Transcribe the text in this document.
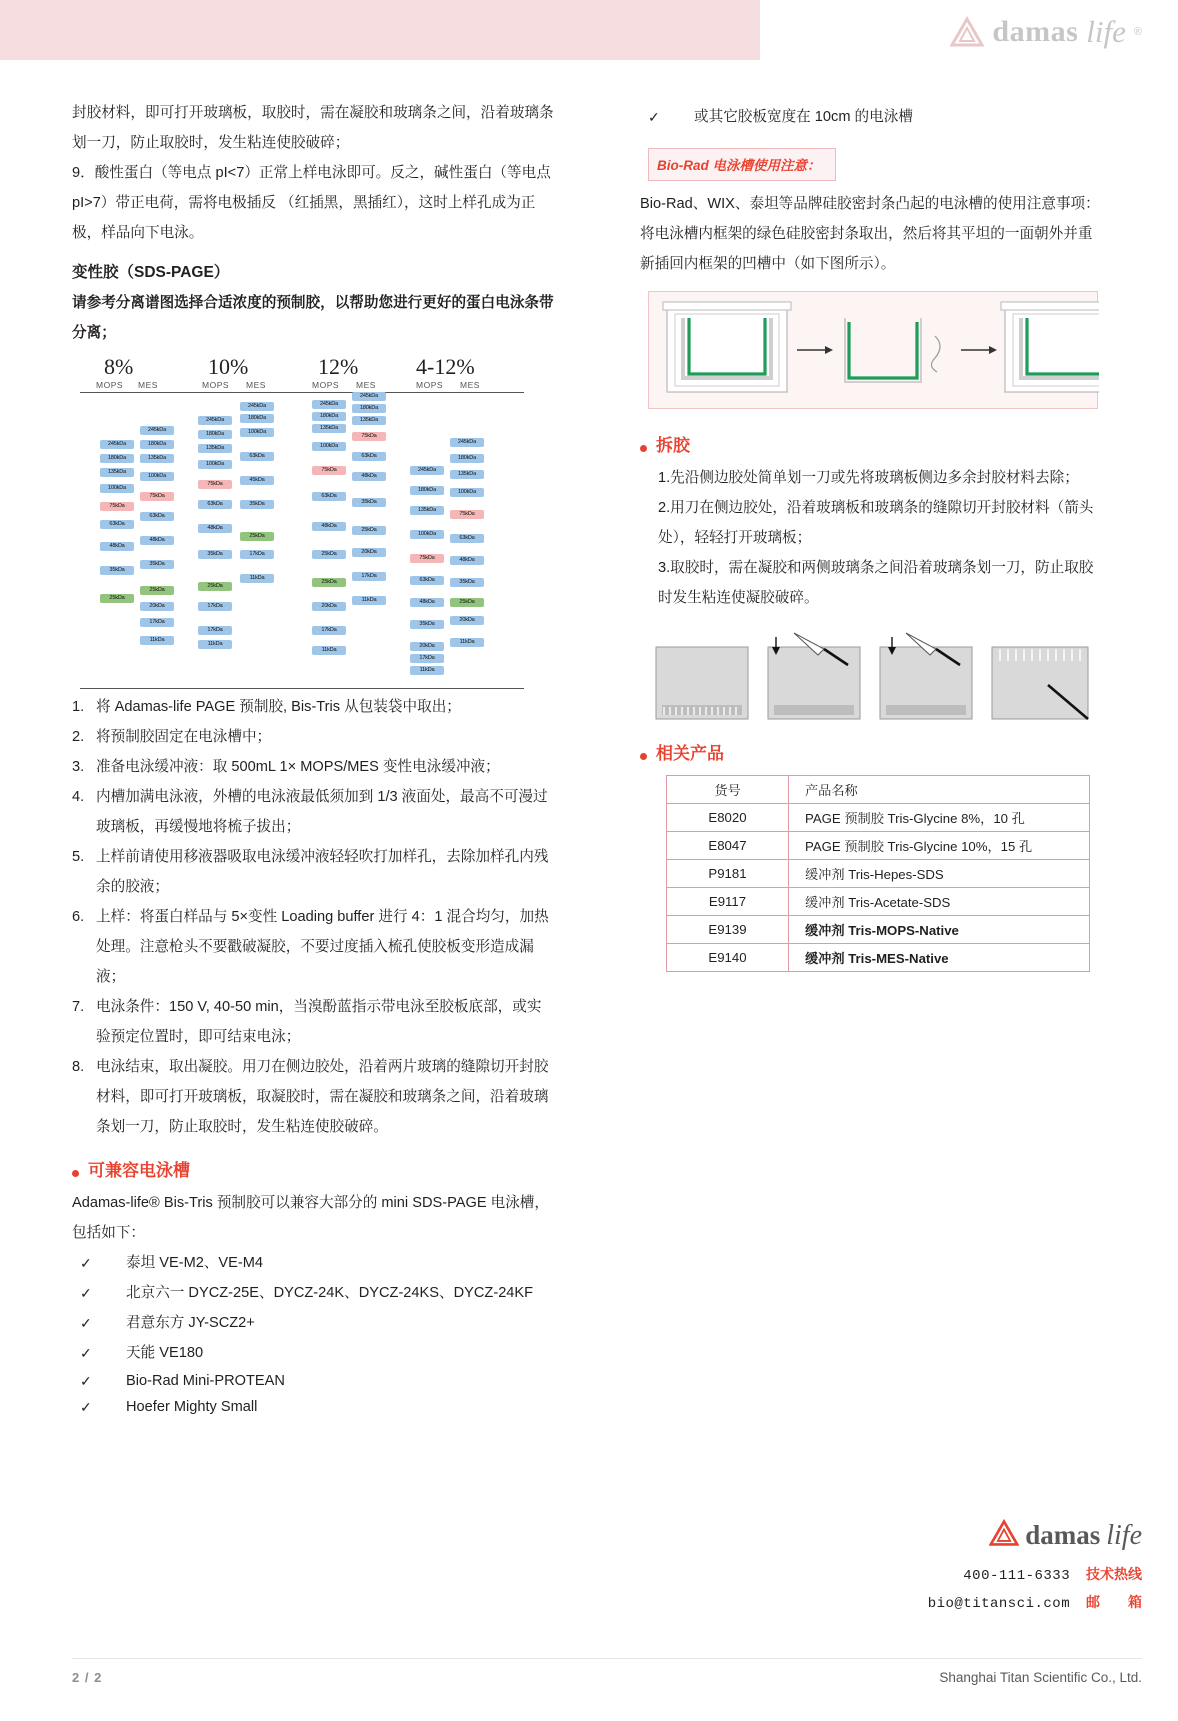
damas life ®

封胶材料，即可打开玻璃板，取胶时，需在凝胶和玻璃条之间，沿着玻璃条划一刀，防止取胶时，发生粘连使胶破碎；

9．酸性蛋白（等电点 pI<7）正常上样电泳即可。反之，碱性蛋白（等电点 pI>7）带正电荷，需将电极插反 （红插黑，黑插红），这时上样孔成为正极，样品向下电泳。

变性胶（SDS-PAGE）
请参考分离谱图选择合适浓度的预制胶，以帮助您进行更好的蛋白电泳条带分离；
8%	10%	12%	4-12%
MOPS MES	MOPS MES	MOPS MES	MOPS MES
245kDa
180kDa
135kDa
100kDa
75kDa
63kDa
48kDa
35kDa
25kDa
245kDa
180kDa
135kDa
100kDa
75kDa
63kDa
48kDa
35kDa
25kDa
20kDa
17kDa
11kDa
245kDa
180kDa
135kDa
100kDa
75kDa
63kDa
48kDa
35kDa
25kDa
17kDa
17kDa
11kDa
245kDa
180kDa
100kDa
63kDa
45kDa
35kDa
25kDa
17kDa
11kDa
245kDa
180kDa
135kDa
100kDa
75kDa
63kDa
48kDa
25kDa
25kDa
20kDa
17kDa
11kDa
245kDa
180kDa
135kDa
75kDa
63kDa
48kDa
35kDa
25kDa
20kDa
17kDa
11kDa
245kDa
180kDa
135kDa
100kDa
75kDa
63kDa
48kDa
35kDa
20kDa
17kDa
11kDa
245kDa
180kDa
135kDa
100kDa
75kDa
63kDa
48kDa
35kDa
25kDa
20kDa
11kDa
1. 将 Adamas-life PAGE 预制胶, Bis-Tris 从包装袋中取出；
2. 将预制胶固定在电泳槽中；
3. 准备电泳缓冲液：取 500mL 1× MOPS/MES 变性电泳缓冲液；
4. 内槽加满电泳液，外槽的电泳液最低须加到 1/3 液面处，最高不可漫过玻璃板，再缓慢地将梳子拔出；
5. 上样前请使用移液器吸取电泳缓冲液轻轻吹打加样孔，去除加样孔内残余的胶液；
6. 上样：将蛋白样品与 5×变性 Loading buffer 进行 4：1 混合均匀，加热处理。注意枪头不要戳破凝胶，不要过度插入梳孔使胶板变形造成漏液；
7. 电泳条件：150 V, 40-50 min，当溴酚蓝指示带电泳至胶板底部，或实验预定位置时，即可结束电泳；
8. 电泳结束，取出凝胶。用刀在侧边胶处，沿着两片玻璃的缝隙切开封胶材料，即可打开玻璃板，取凝胶时，需在凝胶和玻璃条之间，沿着玻璃条划一刀，防止取胶时，发生粘连使胶破碎。
可兼容电泳槽

Adamas-life® Bis-Tris 预制胶可以兼容大部分的 mini SDS-PAGE 电泳槽，包括如下：

✓	泰坦 VE-M2、VE-M4
✓	北京六一 DYCZ-25E、DYCZ-24K、DYCZ-24KS、DYCZ-24KF
✓	君意东方 JY-SCZ2+
✓	天能 VE180
✓	Bio-Rad Mini-PROTEAN
✓	Hoefer Mighty Small
✓	或其它胶板宽度在 10cm 的电泳槽
Bio-Rad 电泳槽使用注意：

Bio-Rad、WIX、泰坦等品牌硅胶密封条凸起的电泳槽的使用注意事项：将电泳槽内框架的绿色硅胶密封条取出，然后将其平坦的一面朝外并重新插回内框架的凹槽中（如下图所示）。

拆胶

1.先沿侧边胶处简单划一刀或先将玻璃板侧边多余封胶材料去除；

2.用刀在侧边胶处，沿着玻璃板和玻璃条的缝隙切开封胶材料（箭头处），轻轻打开玻璃板；

3.取胶时，需在凝胶和两侧玻璃条之间沿着玻璃条划一刀，防止取胶时发生粘连使凝胶破碎。

相关产品
货号	产品名称
E8020	PAGE 预制胶 Tris-Glycine 8%，10 孔
E8047	PAGE 预制胶 Tris-Glycine 10%，15 孔
P9181	缓冲剂 Tris-Hepes-SDS
E9117	缓冲剂 Tris-Acetate-SDS
E9139	缓冲剂 Tris-MOPS-Native
E9140	缓冲剂 Tris-MES-Native
damas life
400-111-6333 技术热线
bio@titansci.com 邮　　箱
2 / 2	Shanghai Titan Scientific Co., Ltd.
